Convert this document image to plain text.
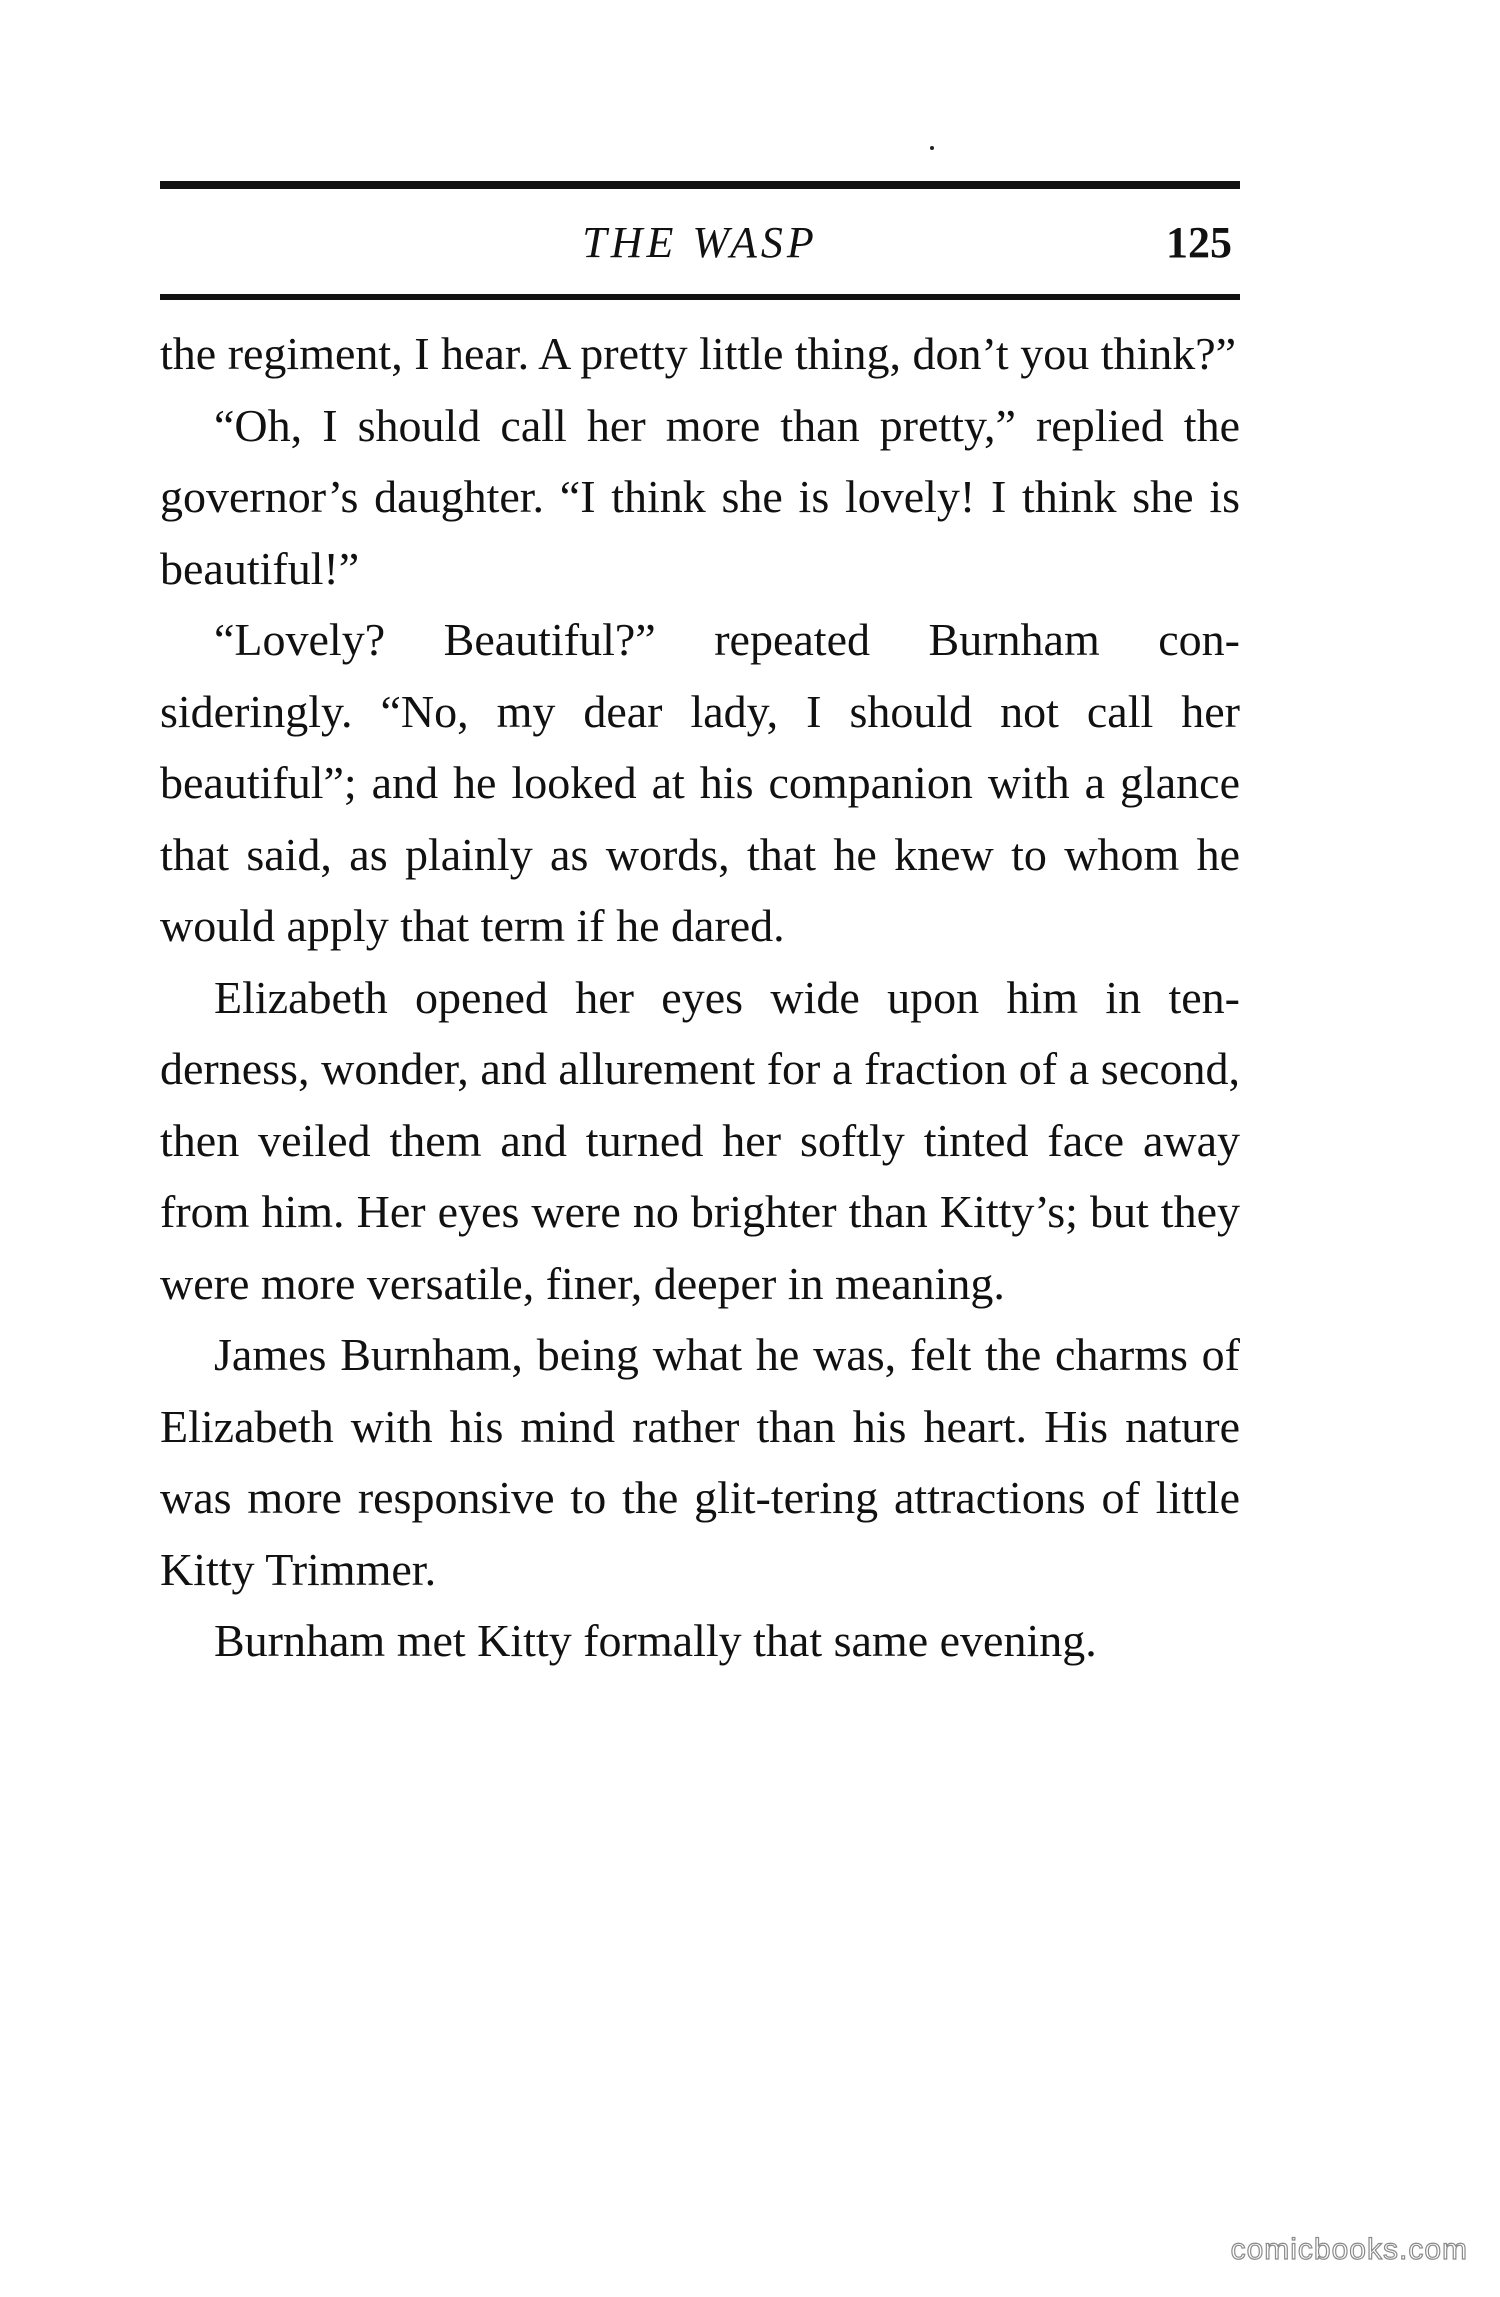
THE WASP	125

the regiment, I hear. A pretty little thing, don’t you think?”

“Oh, I should call her more than pretty,” replied the governor’s daughter. “I think she is lovely! I think she is beautiful!”

“Lovely? Beautiful?” repeated Burnham con-sideringly. “No, my dear lady, I should not call her beautiful”; and he looked at his companion with a glance that said, as plainly as words, that he knew to whom he would apply that term if he dared.

Elizabeth opened her eyes wide upon him in ten-derness, wonder, and allurement for a fraction of a second, then veiled them and turned her softly tinted face away from him. Her eyes were no brighter than Kitty’s; but they were more versatile, finer, deeper in meaning.

James Burnham, being what he was, felt the charms of Elizabeth with his mind rather than his heart. His nature was more responsive to the glit-tering attractions of little Kitty Trimmer.

Burnham met Kitty formally that same evening.

comicbooks.com
